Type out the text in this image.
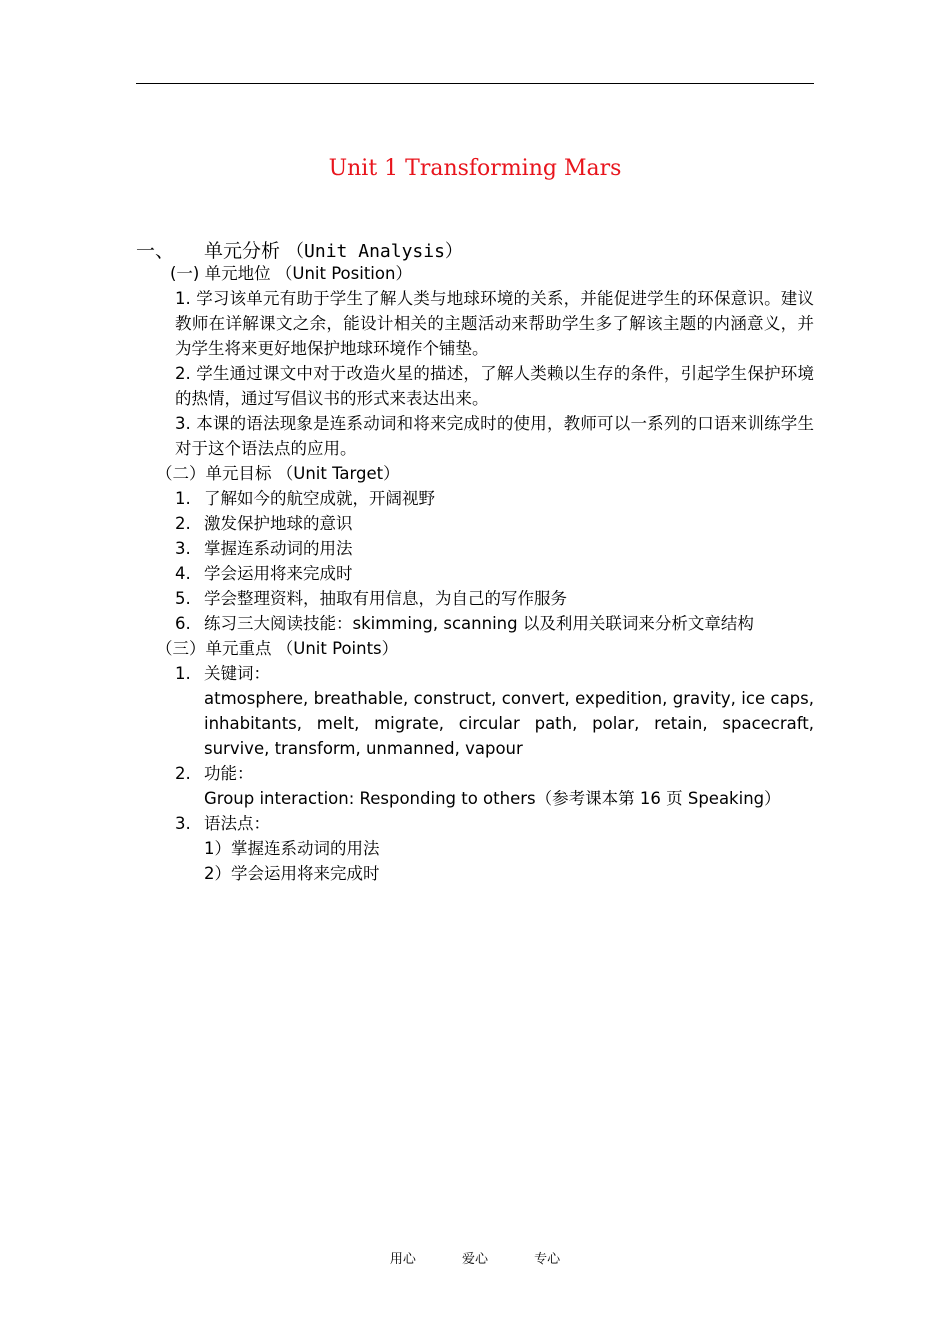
Unit 1 Transforming Mars
一、 单元分析 （Unit Analysis）
(一) 单元地位 （Unit Position）
1. 学习该单元有助于学生了解人类与地球环境的关系，并能促进学生的环保意识。建议教师在详解课文之余，能设计相关的主题活动来帮助学生多了解该主题的内涵意义，并为学生将来更好地保护地球环境作个铺垫。
2. 学生通过课文中对于改造火星的描述，了解人类赖以生存的条件，引起学生保护环境的热情，通过写倡议书的形式来表达出来。
3. 本课的语法现象是连系动词和将来完成时的使用，教师可以一系列的口语来训练学生对于这个语法点的应用。
（二）单元目标 （Unit Target）
1. 了解如今的航空成就，开阔视野
2. 激发保护地球的意识
3. 掌握连系动词的用法
4. 学会运用将来完成时
5. 学会整理资料，抽取有用信息，为自己的写作服务
6. 练习三大阅读技能：skimming, scanning 以及利用关联词来分析文章结构
（三）单元重点 （Unit Points）
1. 关键词：
atmosphere, breathable, construct, convert, expedition, gravity, ice caps, inhabitants, melt, migrate, circular path, polar, retain, spacecraft, survive, transform, unmanned, vapour
2. 功能：
Group interaction: Responding to others（参考课本第 16 页 Speaking）
3. 语法点：
1）掌握连系动词的用法
2）学会运用将来完成时
用心	爱心	专心
